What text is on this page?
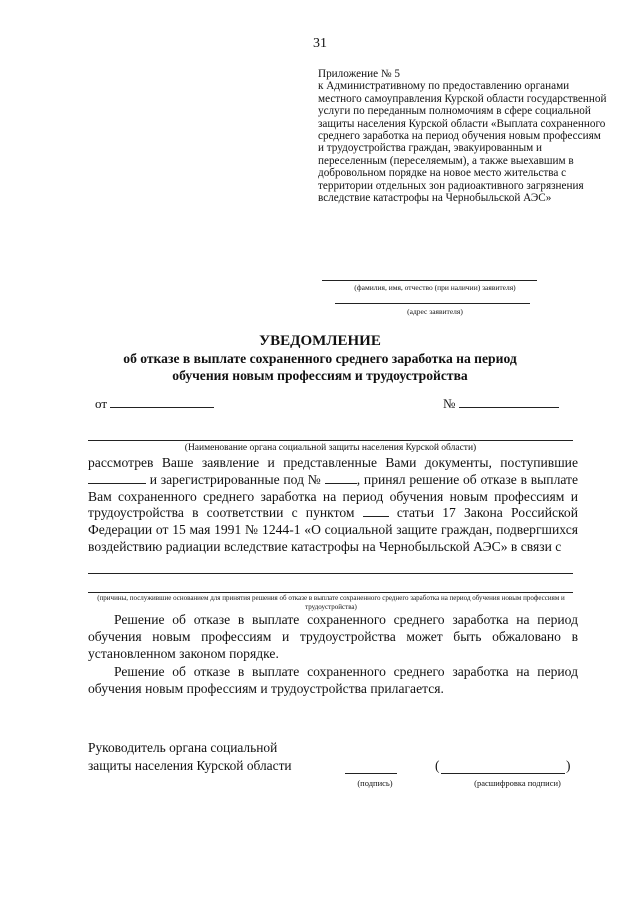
31
Приложение № 5
к Административному по предоставлению органами местного самоуправления Курской области государственной услуги по переданным полномочиям в сфере социальной защиты населения Курской области «Выплата сохраненного среднего заработка на период обучения новым профессиям и трудоустройства граждан, эвакуированным и переселенным (переселяемым), а также выехавшим в добровольном порядке на новое место жительства с территории отдельных зон радиоактивного загрязнения вследствие катастрофы на Чернобыльской АЭС»
(фамилия, имя, отчество (при наличии) заявителя)
(адрес заявителя)
УВЕДОМЛЕНИЕ
об отказе в выплате сохраненного среднего заработка на период обучения новым профессиям и трудоустройства
от	№
(Наименование органа социальной защиты населения Курской области)

рассмотрев Ваше заявление и представленные Вами документы, поступившие  и зарегистрированные под №	, принял решение об отказе в выплате Вам сохраненного среднего заработка на период обучения новым профессиям и трудоустройства в соответствии с пунктом	статьи 17 Закона Российской Федерации от 15 мая 1991 № 1244-1 «О социальной защите граждан, подвергшихся воздействию радиации вследствие катастрофы на Чернобыльской АЭС» в связи с

(причины, послужившие основанием для принятия решения об отказе в выплате сохраненного среднего заработка на период обучения новым профессиям и трудоустройства)

Решение об отказе в выплате сохраненного среднего заработка на период обучения новым профессиям и трудоустройства может быть обжаловано в установленном законом порядке.

Решение об отказе в выплате сохраненного среднего заработка на период обучения новым профессиям и трудоустройства прилагается.

Руководитель органа социальной
защиты населения Курской области
(подпись)
(	)
(расшифровка подписи)
